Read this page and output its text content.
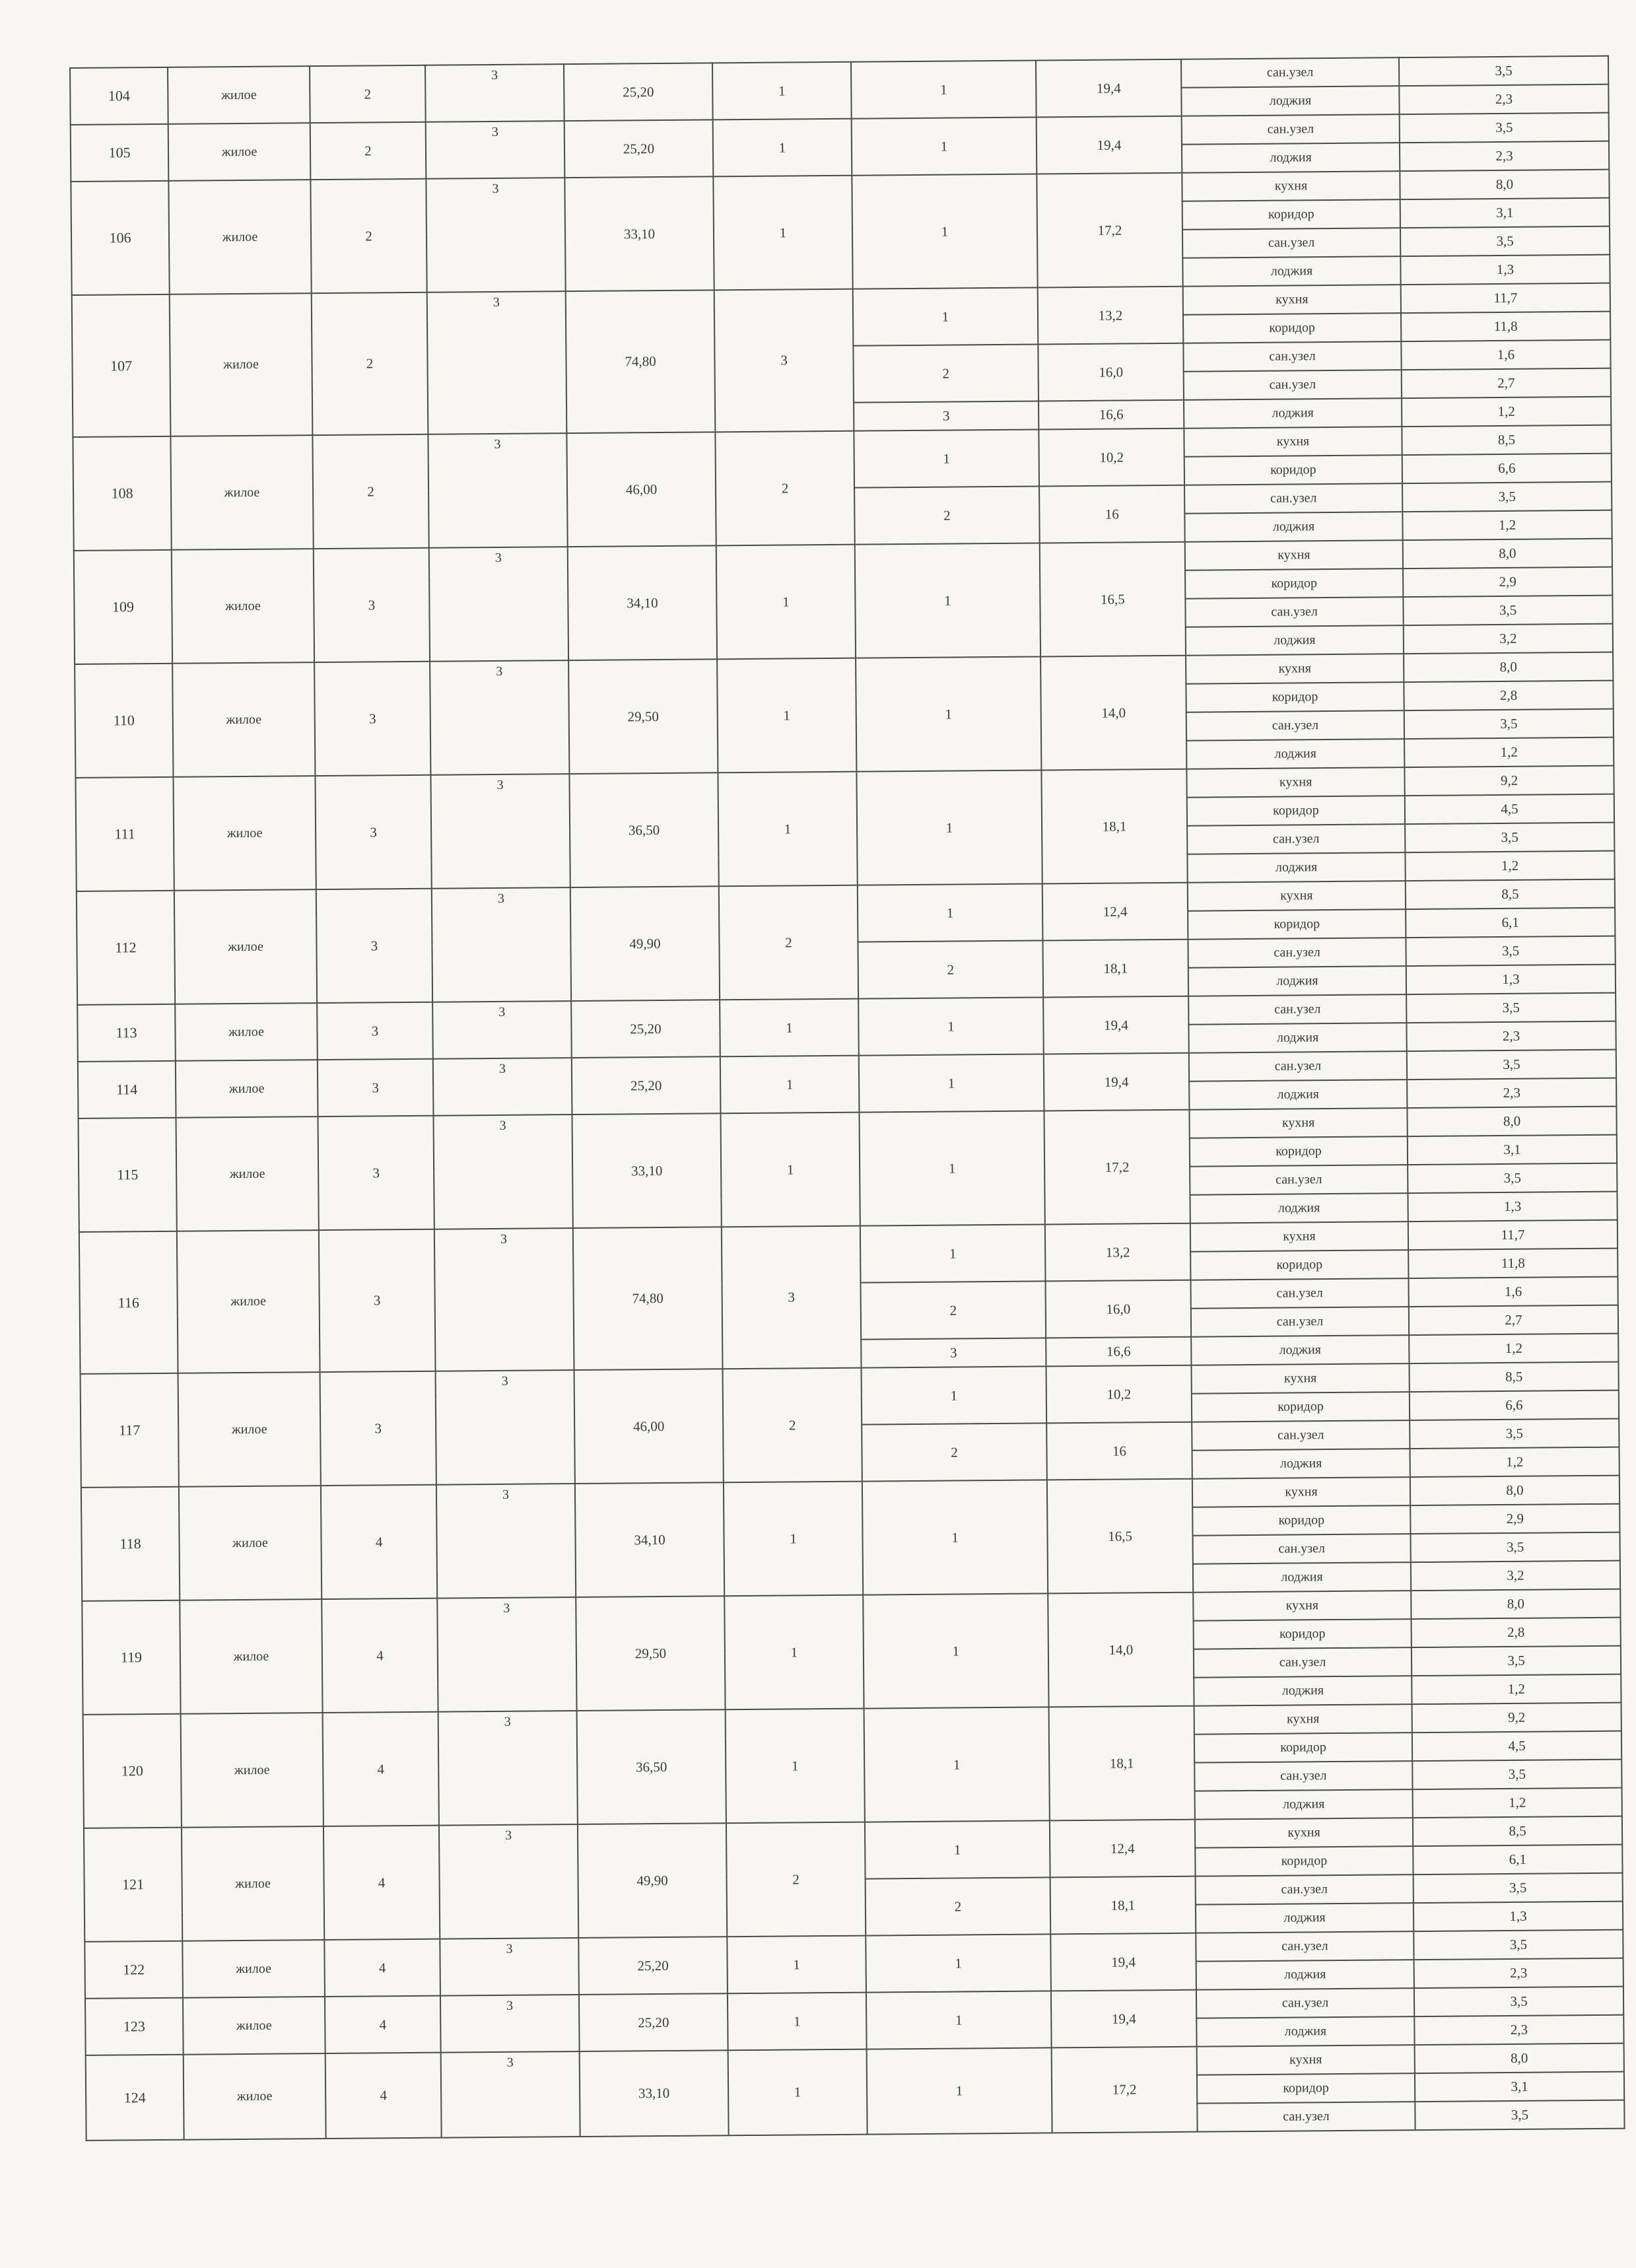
104	жилое	2	3	25,20	1	1	19,4	сан.узел	3,5
								лоджия	2,3
105	жилое	2	3	25,20	1	1	19,4	сан.узел	3,5
								лоджия	2,3
106	жилое	2	3	33,10	1	1	17,2	кухня	8,0
								коридор	3,1
								сан.узел	3,5
								лоджия	1,3
107	жилое	2	3	74,80	3	1	13,2	кухня	11,7
								коридор	11,8
						2	16,0	сан.узел	1,6
								сан.узел	2,7
						3	16,6	лоджия	1,2
108	жилое	2	3	46,00	2	1	10,2	кухня	8,5
								коридор	6,6
						2	16	сан.узел	3,5
								лоджия	1,2
109	жилое	3	3	34,10	1	1	16,5	кухня	8,0
								коридор	2,9
								сан.узел	3,5
								лоджия	3,2
110	жилое	3	3	29,50	1	1	14,0	кухня	8,0
								коридор	2,8
								сан.узел	3,5
								лоджия	1,2
111	жилое	3	3	36,50	1	1	18,1	кухня	9,2
								коридор	4,5
								сан.узел	3,5
								лоджия	1,2
112	жилое	3	3	49,90	2	1	12,4	кухня	8,5
								коридор	6,1
						2	18,1	сан.узел	3,5
								лоджия	1,3
113	жилое	3	3	25,20	1	1	19,4	сан.узел	3,5
								лоджия	2,3
114	жилое	3	3	25,20	1	1	19,4	сан.узел	3,5
								лоджия	2,3
115	жилое	3	3	33,10	1	1	17,2	кухня	8,0
								коридор	3,1
								сан.узел	3,5
								лоджия	1,3
116	жилое	3	3	74,80	3	1	13,2	кухня	11,7
								коридор	11,8
						2	16,0	сан.узел	1,6
								сан.узел	2,7
						3	16,6	лоджия	1,2
117	жилое	3	3	46,00	2	1	10,2	кухня	8,5
								коридор	6,6
						2	16	сан.узел	3,5
								лоджия	1,2
118	жилое	4	3	34,10	1	1	16,5	кухня	8,0
								коридор	2,9
								сан.узел	3,5
								лоджия	3,2
119	жилое	4	3	29,50	1	1	14,0	кухня	8,0
								коридор	2,8
								сан.узел	3,5
								лоджия	1,2
120	жилое	4	3	36,50	1	1	18,1	кухня	9,2
								коридор	4,5
								сан.узел	3,5
								лоджия	1,2
121	жилое	4	3	49,90	2	1	12,4	кухня	8,5
								коридор	6,1
						2	18,1	сан.узел	3,5
								лоджия	1,3
122	жилое	4	3	25,20	1	1	19,4	сан.узел	3,5
								лоджия	2,3
123	жилое	4	3	25,20	1	1	19,4	сан.узел	3,5
								лоджия	2,3
124	жилое	4	3	33,10	1	1	17,2	кухня	8,0
								коридор	3,1
								сан.узел	3,5
